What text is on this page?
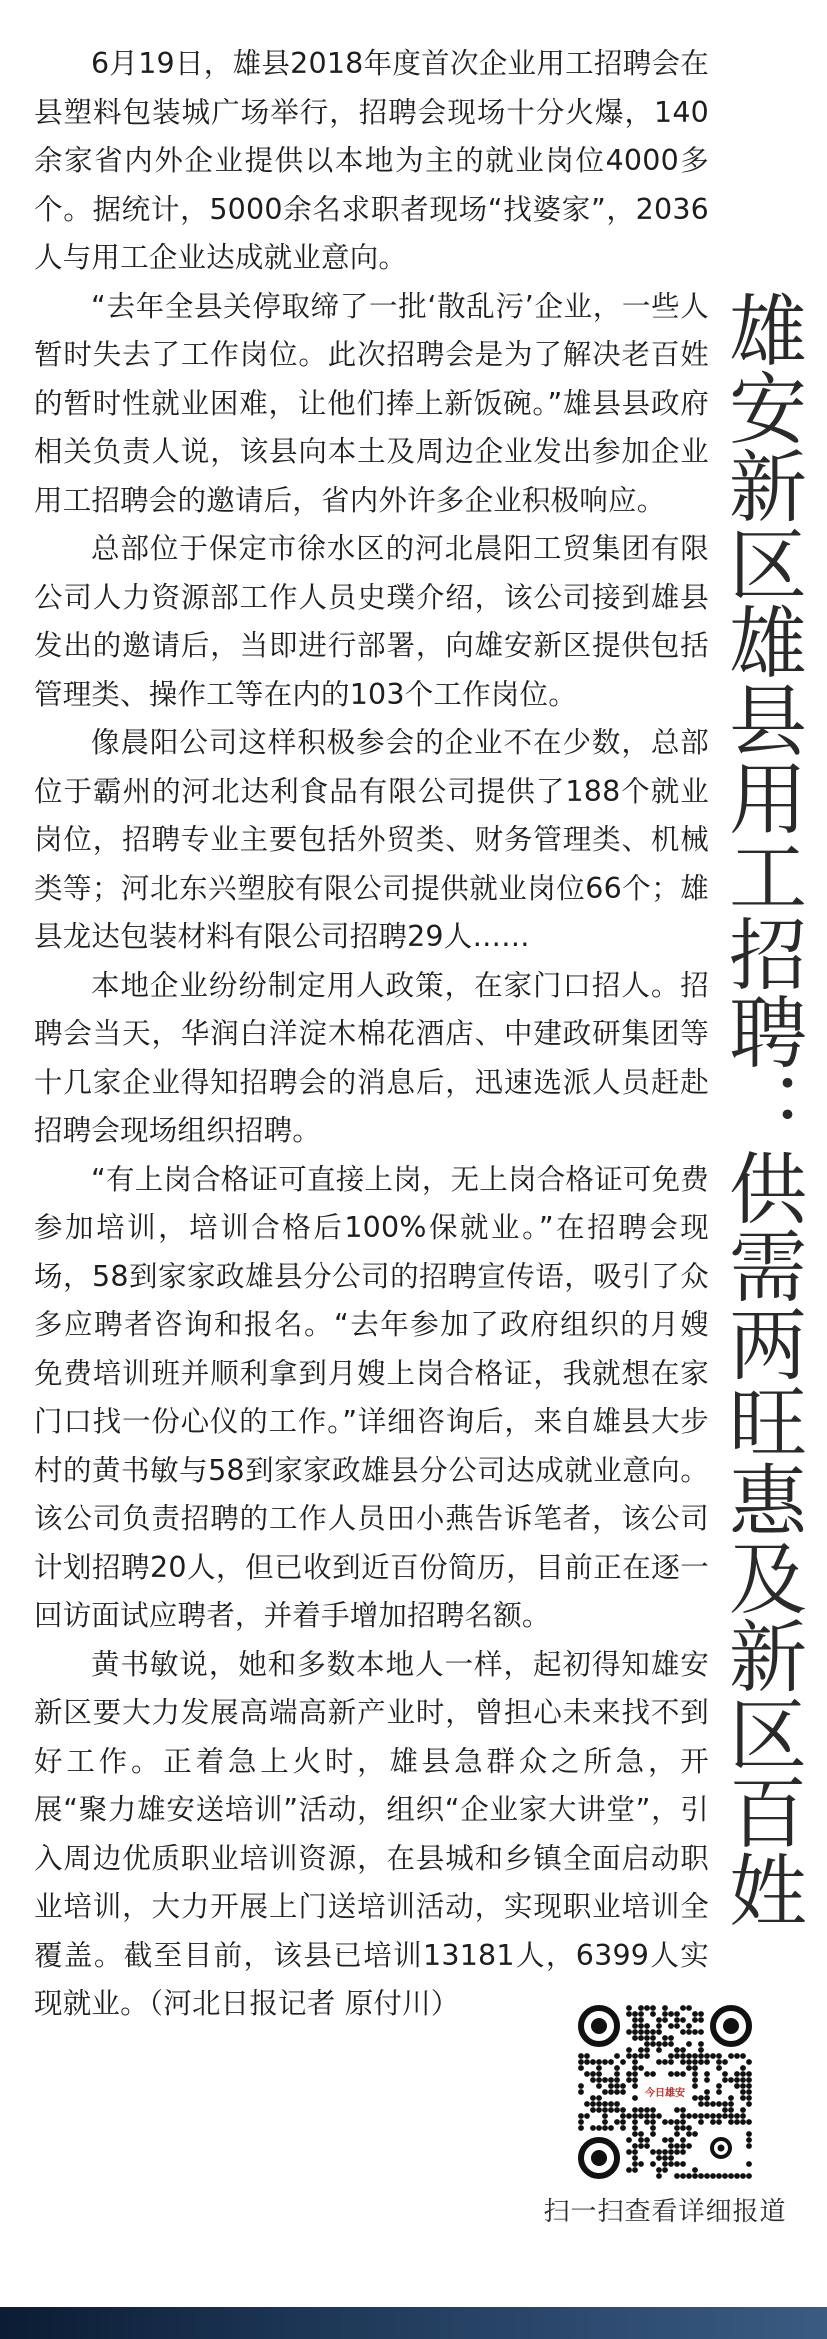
6月19日，雄县2018年度首次企业用工招聘会在县塑料包装城广场举行，招聘会现场十分火爆，140余家省内外企业提供以本地为主的就业岗位4000多个。据统计，5000余名求职者现场“找婆家”，2036人与用工企业达成就业意向。

“去年全县关停取缔了一批‘散乱污’企业，一些人暂时失去了工作岗位。此次招聘会是为了解决老百姓的暂时性就业困难，让他们捧上新饭碗。”雄县县政府相关负责人说，该县向本土及周边企业发出参加企业用工招聘会的邀请后，省内外许多企业积极响应。

总部位于保定市徐水区的河北晨阳工贸集团有限公司人力资源部工作人员史璞介绍，该公司接到雄县发出的邀请后，当即进行部署，向雄安新区提供包括管理类、操作工等在内的103个工作岗位。

像晨阳公司这样积极参会的企业不在少数，总部位于霸州的河北达利食品有限公司提供了188个就业岗位，招聘专业主要包括外贸类、财务管理类、机械类等；河北东兴塑胶有限公司提供就业岗位66个；雄县龙达包装材料有限公司招聘29人……

本地企业纷纷制定用人政策，在家门口招人。招聘会当天，华润白洋淀木棉花酒店、中建政研集团等十几家企业得知招聘会的消息后，迅速选派人员赶赴招聘会现场组织招聘。

“有上岗合格证可直接上岗，无上岗合格证可免费参加培训，培训合格后100%保就业。”在招聘会现场，58到家家政雄县分公司的招聘宣传语，吸引了众多应聘者咨询和报名。“去年参加了政府组织的月嫂免费培训班并顺利拿到月嫂上岗合格证，我就想在家门口找一份心仪的工作。”详细咨询后，来自雄县大步村的黄书敏与58到家家政雄县分公司达成就业意向。该公司负责招聘的工作人员田小燕告诉笔者，该公司计划招聘20人，但已收到近百份简历，目前正在逐一回访面试应聘者，并着手增加招聘名额。

黄书敏说，她和多数本地人一样，起初得知雄安新区要大力发展高端高新产业时，曾担心未来找不到好工作。正着急上火时，雄县急群众之所急，开展“聚力雄安送培训”活动，组织“企业家大讲堂”，引入周边优质职业培训资源，在县城和乡镇全面启动职业培训，大力开展上门送培训活动，实现职业培训全覆盖。截至目前，该县已培训13181人，6399人实现就业。（河北日报记者 原付川）

雄安新区雄县用工招聘：供需两旺惠及新区百姓
今日雄安
扫一扫查看详细报道
